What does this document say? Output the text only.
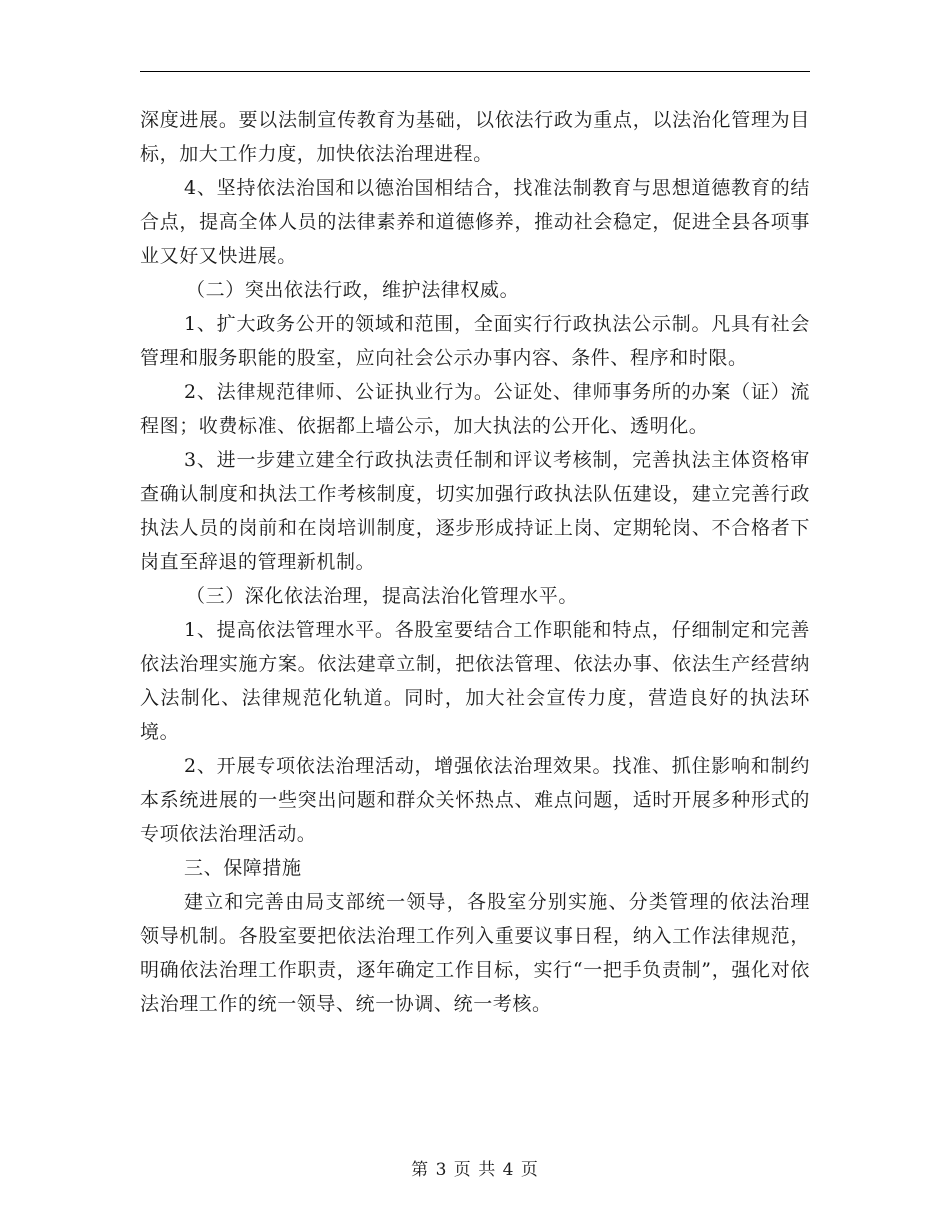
深度进展。要以法制宣传教育为基础，以依法行政为重点，以法治化管理为目标，加大工作力度，加快依法治理进程。

4、坚持依法治国和以德治国相结合，找准法制教育与思想道德教育的结合点，提高全体人员的法律素养和道德修养，推动社会稳定，促进全县各项事业又好又快进展。

（二）突出依法行政，维护法律权威。

1、扩大政务公开的领域和范围，全面实行行政执法公示制。凡具有社会管理和服务职能的股室，应向社会公示办事内容、条件、程序和时限。

2、法律规范律师、公证执业行为。公证处、律师事务所的办案（证）流程图；收费标准、依据都上墙公示，加大执法的公开化、透明化。

3、进一步建立建全行政执法责任制和评议考核制，完善执法主体资格审查确认制度和执法工作考核制度，切实加强行政执法队伍建设，建立完善行政执法人员的岗前和在岗培训制度，逐步形成持证上岗、定期轮岗、不合格者下岗直至辞退的管理新机制。

（三）深化依法治理，提高法治化管理水平。

1、提高依法管理水平。各股室要结合工作职能和特点，仔细制定和完善依法治理实施方案。依法建章立制，把依法管理、依法办事、依法生产经营纳入法制化、法律规范化轨道。同时，加大社会宣传力度，营造良好的执法环境。

2、开展专项依法治理活动，增强依法治理效果。找准、抓住影响和制约本系统进展的一些突出问题和群众关怀热点、难点问题，适时开展多种形式的专项依法治理活动。

三、保障措施

建立和完善由局支部统一领导，各股室分别实施、分类管理的依法治理领导机制。各股室要把依法治理工作列入重要议事日程，纳入工作法律规范，明确依法治理工作职责，逐年确定工作目标，实行“一把手负责制”，强化对依法治理工作的统一领导、统一协调、统一考核。

第 3 页 共 4 页
